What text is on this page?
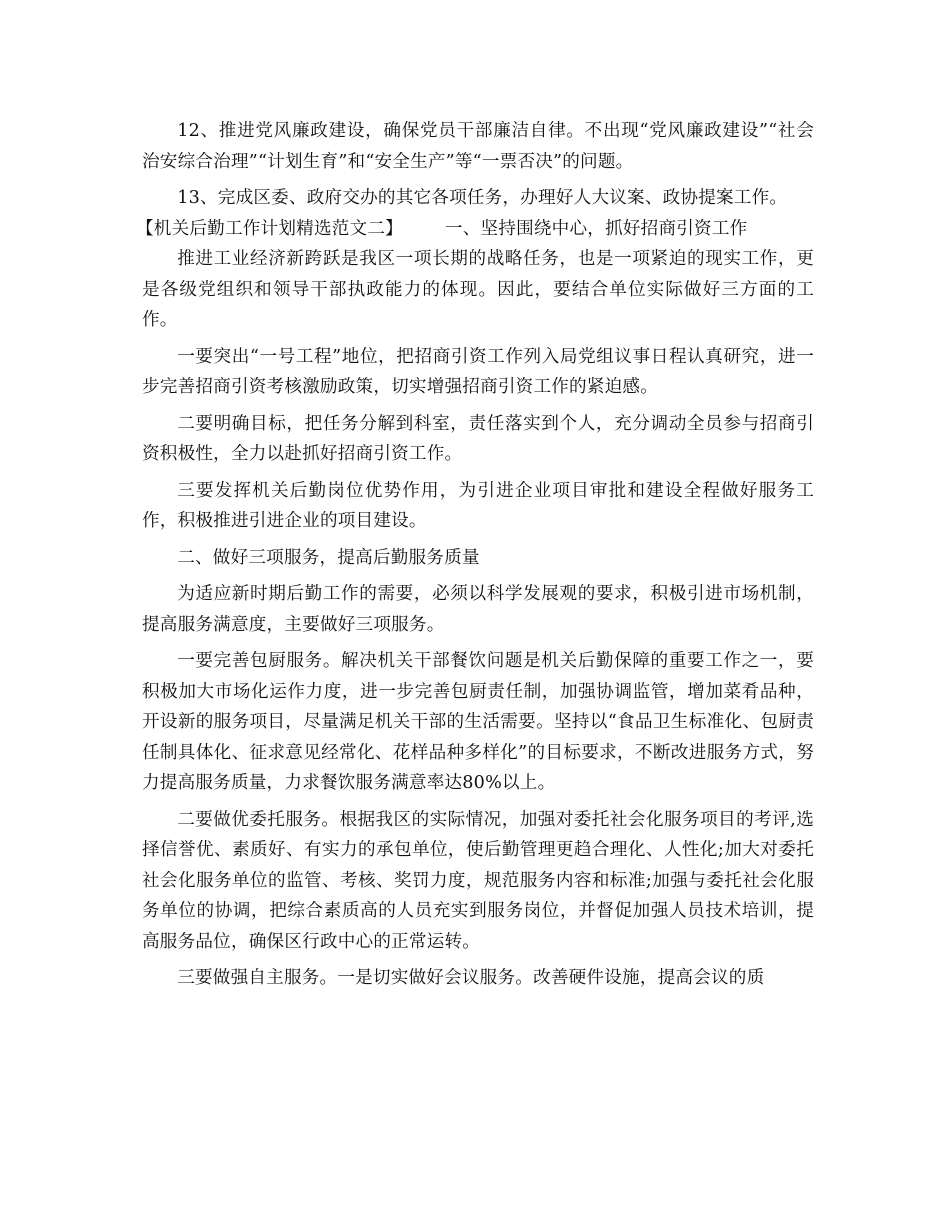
12、推进党风廉政建设，确保党员干部廉洁自律。不出现“党风廉政建设”“社会治安综合治理”“计划生育”和“安全生产”等“一票否决”的问题。

13、完成区委、政府交办的其它各项任务，办理好人大议案、政协提案工作。

【机关后勤工作计划精选范文二】 一、坚持围绕中心，抓好招商引资工作

推进工业经济新跨跃是我区一项长期的战略任务，也是一项紧迫的现实工作，更是各级党组织和领导干部执政能力的体现。因此，要结合单位实际做好三方面的工作。

一要突出“一号工程”地位，把招商引资工作列入局党组议事日程认真研究，进一步完善招商引资考核激励政策，切实增强招商引资工作的紧迫感。

二要明确目标，把任务分解到科室，责任落实到个人，充分调动全员参与招商引资积极性，全力以赴抓好招商引资工作。

三要发挥机关后勤岗位优势作用，为引进企业项目审批和建设全程做好服务工作，积极推进引进企业的项目建设。

二、做好三项服务，提高后勤服务质量

为适应新时期后勤工作的需要，必须以科学发展观的要求，积极引进市场机制，提高服务满意度，主要做好三项服务。

一要完善包厨服务。解决机关干部餐饮问题是机关后勤保障的重要工作之一，要积极加大市场化运作力度，进一步完善包厨责任制，加强协调监管，增加菜肴品种，开设新的服务项目，尽量满足机关干部的生活需要。坚持以“食品卫生标准化、包厨责任制具体化、征求意见经常化、花样品种多样化”的目标要求，不断改进服务方式，努力提高服务质量，力求餐饮服务满意率达80%以上。

二要做优委托服务。根据我区的实际情况，加强对委托社会化服务项目的考评,选择信誉优、素质好、有实力的承包单位，使后勤管理更趋合理化、人性化;加大对委托社会化服务单位的监管、考核、奖罚力度，规范服务内容和标准;加强与委托社会化服务单位的协调，把综合素质高的人员充实到服务岗位，并督促加强人员技术培训，提高服务品位，确保区行政中心的正常运转。

三要做强自主服务。一是切实做好会议服务。改善硬件设施，提高会议的质
